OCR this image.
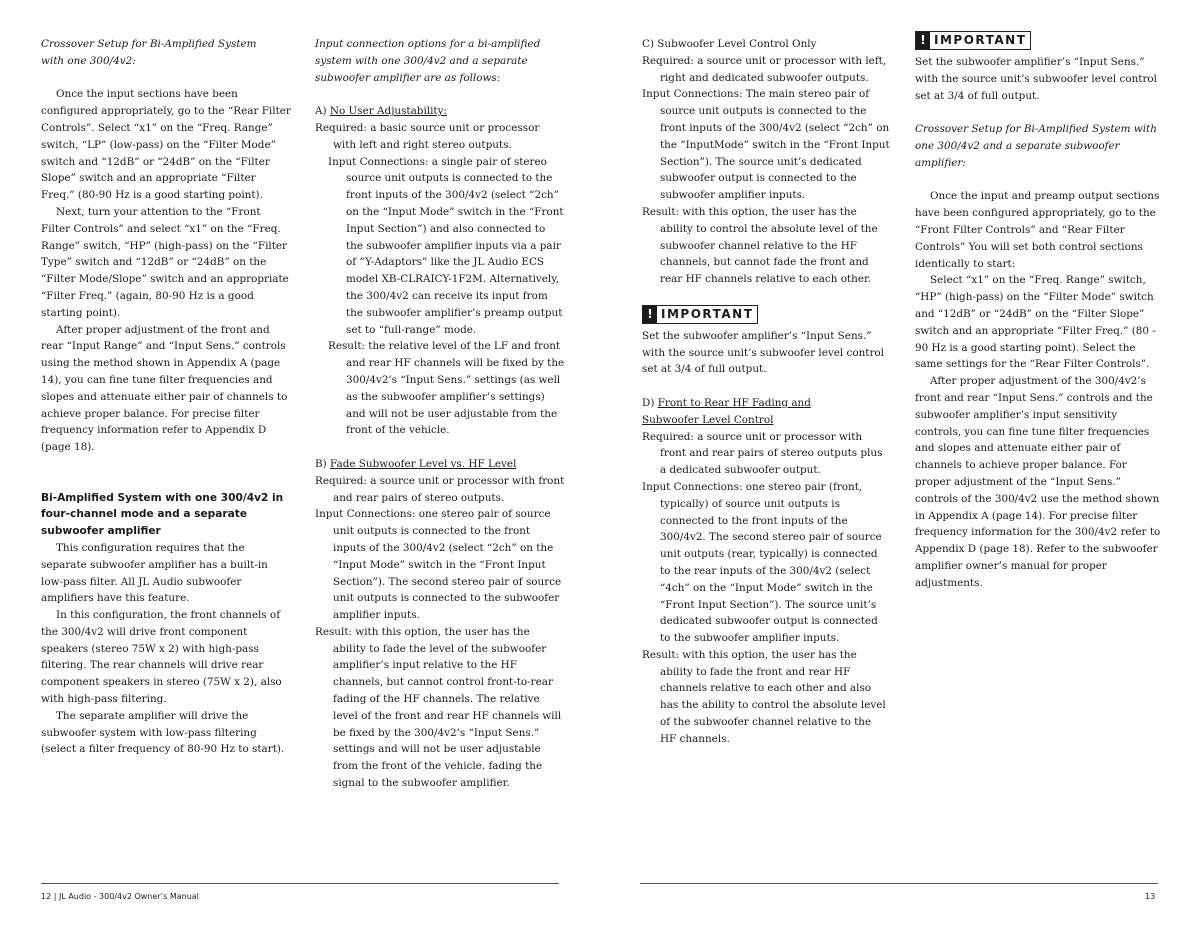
Crossover Setup for Bi-Amplified System

with one 300/4v2:

Once the input sections have been configured appropriately, go to the “Rear Filter Controls”. Select “x1” on the “Freq. Range” switch, “LP” (low-pass) on the “Filter Mode” switch and “12dB” or “24dB” on the “Filter Slope” switch and an appropriate “Filter Freq.” (80-90 Hz is a good starting point).

Next, turn your attention to the “Front Filter Controls” and select “x1” on the “Freq. Range” switch, “HP” (high-pass) on the “Filter Type” switch and “12dB” or “24dB” on the “Filter Mode/Slope” switch and an appropriate “Filter Freq.” (again, 80-90 Hz is a good starting point).

After proper adjustment of the front and rear “Input Range” and “Input Sens.” controls using the method shown in Appendix A (page 14), you can fine tune filter frequencies and slopes and attenuate either pair of channels to achieve proper balance. For precise filter frequency information refer to Appendix D (page 18).

Bi-Amplified System with one 300/4v2 in four-channel mode and a separate subwoofer amplifier

This configuration requires that the separate subwoofer amplifier has a built-in low-pass filter. All JL Audio subwoofer amplifiers have this feature.

In this configuration, the front channels of the 300/4v2 will drive front component speakers (stereo 75W x 2) with high-pass filtering. The rear channels will drive rear component speakers in stereo (75W x 2), also with high-pass filtering.

The separate amplifier will drive the subwoofer system with low-pass filtering (select a filter frequency of 80-90 Hz to start).

Input connection options for a bi-amplified system with one 300/4v2 and a separate subwoofer amplifier are as follows:

A) No User Adjustability:

Required: a basic source unit or processor with left and right stereo outputs.

Input Connections: a single pair of stereo source unit outputs is connected to the front inputs of the 300/4v2 (select “2ch” on the “Input Mode” switch in the “Front Input Section”) and also connected to the subwoofer amplifier inputs via a pair of “Y-Adaptors” like the JL Audio ECS model XB-CLRAICY-1F2M. Alternatively, the 300/4v2 can receive its input from the subwoofer amplifier’s preamp output set to “full-range” mode.

Result: the relative level of the LF and front and rear HF channels will be fixed by the 300/4v2’s “Input Sens.” settings (as well as the subwoofer amplifier’s settings) and will not be user adjustable from the front of the vehicle.

B) Fade Subwoofer Level vs. HF Level

Required: a source unit or processor with front and rear pairs of stereo outputs.

Input Connections: one stereo pair of source unit outputs is connected to the front inputs of the 300/4v2 (select “2ch” on the “Input Mode” switch in the “Front Input Section”). The second stereo pair of source unit outputs is connected to the subwoofer amplifier inputs.

Result: with this option, the user has the ability to fade the level of the subwoofer amplifier’s input relative to the HF channels, but cannot control front-to-rear fading of the HF channels. The relative level of the front and rear HF channels will be fixed by the 300/4v2’s “Input Sens.” settings and will not be user adjustable from the front of the vehicle. fading the signal to the subwoofer amplifier.

C) Subwoofer Level Control Only

Required: a source unit or processor with left, right and dedicated subwoofer outputs.

Input Connections: The main stereo pair of source unit outputs is connected to the front inputs of the 300/4v2 (select “2ch” on the “InputMode” switch in the “Front Input Section”). The source unit’s dedicated subwoofer output is connected to the subwoofer amplifier inputs.

Result: with this option, the user has the ability to control the absolute level of the subwoofer channel relative to the HF channels, but cannot fade the front and rear HF channels relative to each other.

! IMPORTANT

Set the subwoofer amplifier’s “Input Sens.” with the source unit’s subwoofer level control set at 3/4 of full output.

D) Front to Rear HF Fading and

Subwoofer Level Control

Required: a source unit or processor with front and rear pairs of stereo outputs plus a dedicated subwoofer output.

Input Connections: one stereo pair (front, typically) of source unit outputs is connected to the front inputs of the 300/4v2. The second stereo pair of source unit outputs (rear, typically) is connected to the rear inputs of the 300/4v2 (select “4ch” on the “Input Mode” switch in the “Front Input Section”). The source unit’s dedicated subwoofer output is connected to the subwoofer amplifier inputs.

Result: with this option, the user has the ability to fade the front and rear HF channels relative to each other and also has the ability to control the absolute level of the subwoofer channel relative to the HF channels.

! IMPORTANT

Set the subwoofer amplifier’s “Input Sens.” with the source unit’s subwoofer level control set at 3/4 of full output.

Crossover Setup for Bi-Amplified System with one 300/4v2 and a separate subwoofer amplifier:

Once the input and preamp output sections have been configured appropriately, go to the “Front Filter Controls” and “Rear Filter Controls” You will set both control sections identically to start:

Select “x1” on the “Freq. Range” switch, “HP” (high-pass) on the “Filter Mode” switch and “12dB” or “24dB” on the “Filter Slope” switch and an appropriate “Filter Freq.” (80 - 90 Hz is a good starting point). Select the same settings for the “Rear Filter Controls”.

After proper adjustment of the 300/4v2’s front and rear “Input Sens.” controls and the subwoofer amplifier’s input sensitivity controls, you can fine tune filter frequencies and slopes and attenuate either pair of channels to achieve proper balance. For proper adjustment of the “Input Sens.” controls of the 300/4v2 use the method shown in Appendix A (page 14). For precise filter frequency information for the 300/4v2 refer to Appendix D (page 18). Refer to the subwoofer amplifier owner’s manual for proper adjustments.

12 | JL Audio - 300/4v2 Owner’s Manual	13
